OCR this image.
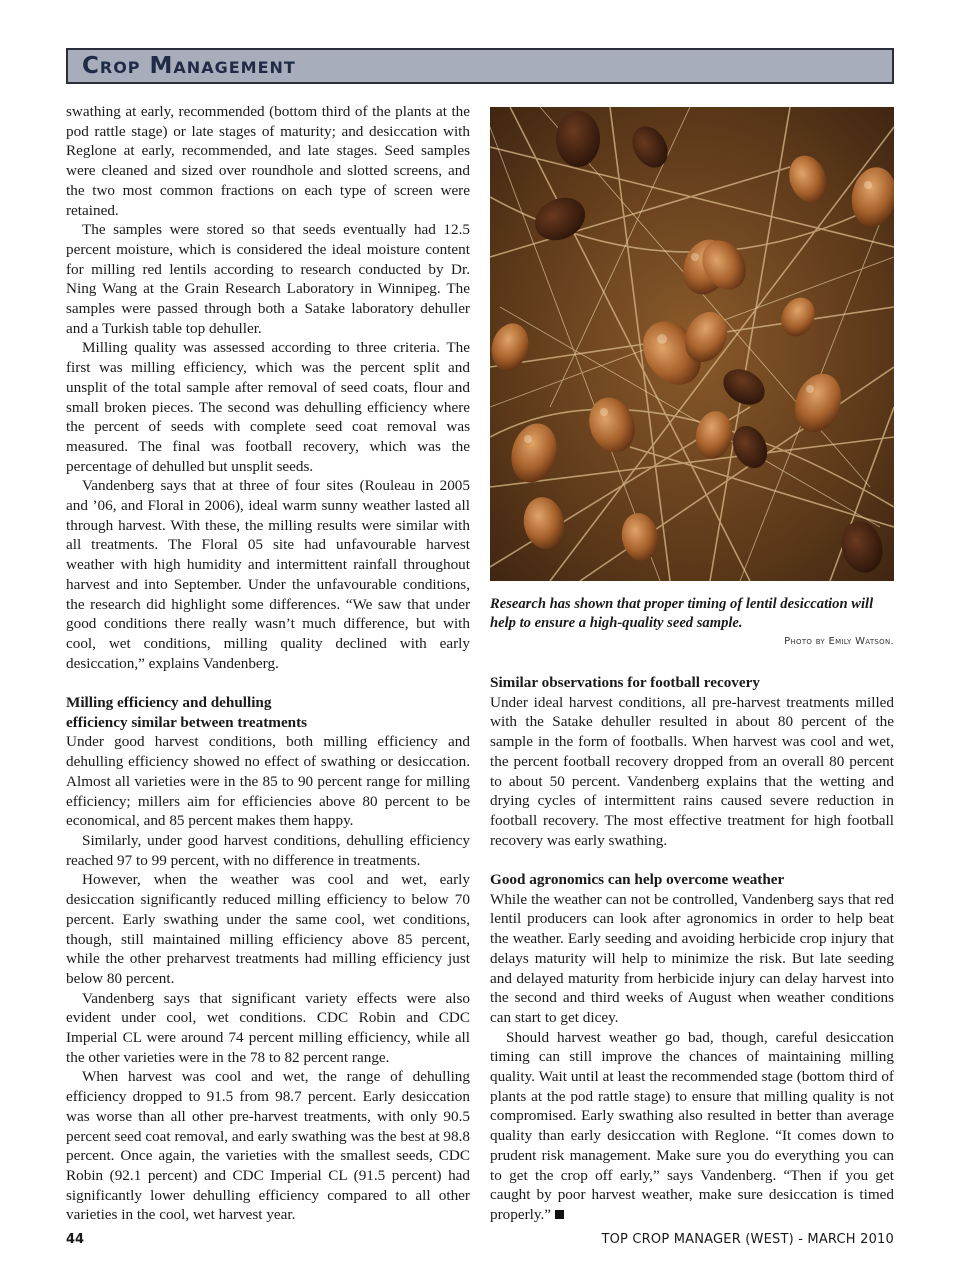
Crop Management

swathing at early, recommended (bottom third of the plants at the pod rattle stage) or late stages of maturity; and desiccation with Reglone at early, recommended, and late stages. Seed samples were cleaned and sized over roundhole and slotted screens, and the two most common fractions on each type of screen were retained.

The samples were stored so that seeds eventually had 12.5 percent moisture, which is considered the ideal moisture content for milling red lentils according to research conducted by Dr. Ning Wang at the Grain Research Laboratory in Winnipeg. The samples were passed through both a Satake laboratory dehuller and a Turkish table top dehuller.

Milling quality was assessed according to three criteria. The first was milling efficiency, which was the percent split and unsplit of the total sample after removal of seed coats, flour and small broken pieces. The second was dehulling efficiency where the percent of seeds with complete seed coat removal was measured. The final was football recovery, which was the percentage of dehulled but unsplit seeds.

Vandenberg says that at three of four sites (Rouleau in 2005 and ’06, and Floral in 2006), ideal warm sunny weather lasted all through harvest. With these, the milling results were similar with all treatments. The Floral 05 site had unfavourable harvest weather with high humidity and intermittent rainfall throughout harvest and into September. Under the unfavourable conditions, the research did highlight some differences. “We saw that under good conditions there really wasn’t much difference, but with cool, wet conditions, milling quality declined with early desiccation,” explains Vandenberg.

Milling efficiency and dehulling
efficiency similar between treatments

Under good harvest conditions, both milling efficiency and dehulling efficiency showed no effect of swathing or desiccation. Almost all varieties were in the 85 to 90 percent range for milling efficiency; millers aim for efficiencies above 80 percent to be economical, and 85 percent makes them happy.

Similarly, under good harvest conditions, dehulling efficiency reached 97 to 99 percent, with no difference in treatments.

However, when the weather was cool and wet, early desiccation significantly reduced milling efficiency to below 70 percent. Early swathing under the same cool, wet conditions, though, still maintained milling efficiency above 85 percent, while the other preharvest treatments had milling efficiency just below 80 percent.

Vandenberg says that significant variety effects were also evident under cool, wet conditions. CDC Robin and CDC Imperial CL were around 74 percent milling efficiency, while all the other varieties were in the 78 to 82 percent range.

When harvest was cool and wet, the range of dehulling efficiency dropped to 91.5 from 98.7 percent. Early desiccation was worse than all other pre-harvest treatments, with only 90.5 percent seed coat removal, and early swathing was the best at 98.8 percent. Once again, the varieties with the smallest seeds, CDC Robin (92.1 percent) and CDC Imperial CL (91.5 percent) had significantly lower dehulling efficiency compared to all other varieties in the cool, wet harvest year.

Research has shown that proper timing of lentil desiccation will help to ensure a high-quality seed sample.
Photo by Emily Watson.
Similar observations for football recovery

Under ideal harvest conditions, all pre-harvest treatments milled with the Satake dehuller resulted in about 80 percent of the sample in the form of footballs. When harvest was cool and wet, the percent football recovery dropped from an overall 80 percent to about 50 percent. Vandenberg explains that the wetting and drying cycles of intermittent rains caused severe reduction in football recovery. The most effective treatment for high football recovery was early swathing.

Good agronomics can help overcome weather

While the weather can not be controlled, Vandenberg says that red lentil producers can look after agronomics in order to help beat the weather. Early seeding and avoiding herbicide crop injury that delays maturity will help to minimize the risk. But late seeding and delayed maturity from herbicide injury can delay harvest into the second and third weeks of August when weather conditions can start to get dicey.

Should harvest weather go bad, though, careful desiccation timing can still improve the chances of maintaining milling quality. Wait until at least the recommended stage (bottom third of plants at the pod rattle stage) to ensure that milling quality is not compromised. Early swathing also resulted in better than average quality than early desiccation with Reglone. “It comes down to prudent risk management. Make sure you do everything you can to get the crop off early,” says Vandenberg. “Then if you get caught by poor harvest weather, make sure desiccation is timed properly.”

44	TOP CROP MANAGER (WEST) - MARCH 2010
